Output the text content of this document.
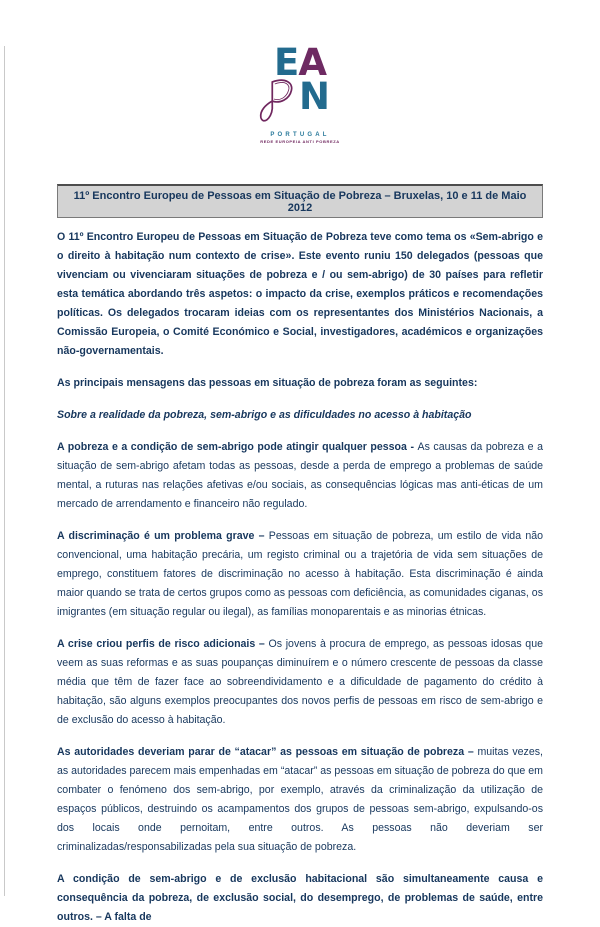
E A
N
PORTUGAL
REDE EUROPEIA ANTI POBREZA
11º Encontro Europeu de Pessoas em Situação de Pobreza – Bruxelas, 10 e 11 de Maio 2012
O 11º Encontro Europeu de Pessoas em Situação de Pobreza teve como tema os «Sem-abrigo e o direito à habitação num contexto de crise». Este evento runiu 150 delegados (pessoas que vivenciam ou vivenciaram situações de pobreza e / ou sem-abrigo) de 30 países para refletir esta temática abordando três aspetos: o impacto da crise, exemplos práticos e recomendações políticas. Os delegados trocaram ideias com os representantes dos Ministérios Nacionais, a Comissão Europeia, o Comité Económico e Social, investigadores, académicos e organizações não-governamentais.
As principais mensagens das pessoas em situação de pobreza foram as seguintes:
Sobre a realidade da pobreza, sem-abrigo e as dificuldades no acesso à habitação
A pobreza e a condição de sem-abrigo pode atingir qualquer pessoa - As causas da pobreza e a situação de sem-abrigo afetam todas as pessoas, desde a perda de emprego a problemas de saúde mental, a ruturas nas relações afetivas e/ou sociais, as consequências lógicas mas anti-éticas de um mercado de arrendamento e financeiro não regulado.
A discriminação é um problema grave – Pessoas em situação de pobreza, um estilo de vida não convencional, uma habitação precária, um registo criminal ou a trajetória de vida sem situações de emprego, constituem fatores de discriminação no acesso à habitação. Esta discriminação é ainda maior quando se trata de certos grupos como as pessoas com deficiência, as comunidades ciganas, os imigrantes (em situação regular ou ilegal), as famílias monoparentais e as minorias étnicas.
A crise criou perfis de risco adicionais – Os jovens à procura de emprego, as pessoas idosas que veem as suas reformas e as suas poupanças diminuírem e o número crescente de pessoas da classe média que têm de fazer face ao sobreendividamento e a dificuldade de pagamento do crédito à habitação, são alguns exemplos preocupantes dos novos perfis de pessoas em risco de sem-abrigo e de exclusão do acesso à habitação.
As autoridades deveriam parar de “atacar” as pessoas em situação de pobreza – muitas vezes, as autoridades parecem mais empenhadas em “atacar” as pessoas em situação de pobreza do que em combater o fenómeno dos sem-abrigo, por exemplo, através da criminalização da utilização de espaços públicos, destruindo os acampamentos dos grupos de pessoas sem-abrigo, expulsando-os dos locais onde pernoitam, entre outros. As pessoas não deveriam ser criminalizadas/responsabilizadas pela sua situação de pobreza.
A condição de sem-abrigo e de exclusão habitacional são simultaneamente causa e consequência da pobreza, de exclusão social, do desemprego, de problemas de saúde, entre outros. – A falta de
